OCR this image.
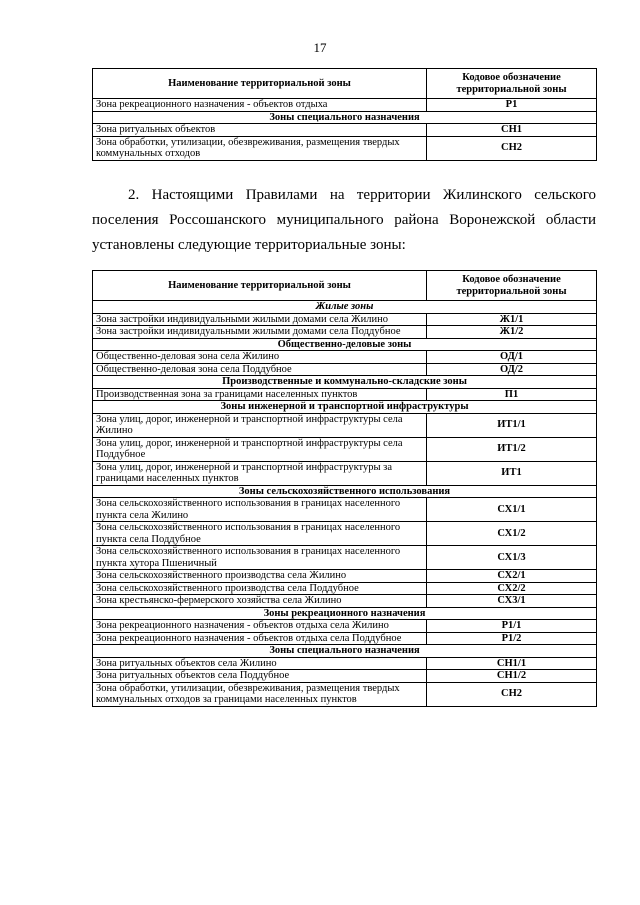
17
Наименование территориальной зоны	Кодовое обозначение территориальной зоны
Зона рекреационного назначения - объектов отдыха	Р1
Зоны специального назначения	
Зона ритуальных объектов	СН1
Зона обработки, утилизации, обезвреживания, размещения твердых коммунальных отходов	СН2
2. Настоящими Правилами на территории Жилинского сельского поселения Россошанского муниципального района Воронежской области установлены следующие территориальные зоны:
Наименование территориальной зоны	Кодовое обозначение территориальной зоны
Жилые зоны	
Зона застройки индивидуальными жилыми домами села Жилино	Ж1/1
Зона застройки индивидуальными жилыми домами села Поддубное	Ж1/2
Общественно-деловые зоны	
Общественно-деловая зона села Жилино	ОД/1
Общественно-деловая зона села Поддубное	ОД/2
Производственные и коммунально-складские зоны	
Производственная зона за границами населенных пунктов	П1
Зоны инженерной и транспортной инфраструктуры	
Зона улиц, дорог, инженерной и транспортной инфраструктуры села Жилино	ИТ1/1
Зона улиц, дорог, инженерной и транспортной инфраструктуры села Поддубное	ИТ1/2
Зона улиц, дорог, инженерной и транспортной инфраструктуры за границами населенных пунктов	ИТ1
Зоны сельскохозяйственного использования	
Зона сельскохозяйственного использования в границах населенного пункта села Жилино	СХ1/1
Зона сельскохозяйственного использования в границах населенного пункта села Поддубное	СХ1/2
Зона сельскохозяйственного использования в границах населенного пункта хутора Пшеничный	СХ1/3
Зона сельскохозяйственного производства села Жилино	СХ2/1
Зона сельскохозяйственного производства села Поддубное	СХ2/2
Зона крестьянско-фермерского хозяйства села Жилино	СХ3/1
Зоны рекреационного назначения	
Зона рекреационного назначения - объектов отдыха села Жилино	Р1/1
Зона рекреационного назначения - объектов отдыха села Поддубное	Р1/2
Зоны специального назначения	
Зона ритуальных объектов села Жилино	СН1/1
Зона ритуальных объектов села Поддубное	СН1/2
Зона обработки, утилизации, обезвреживания, размещения твердых коммунальных отходов за границами населенных пунктов	СН2
